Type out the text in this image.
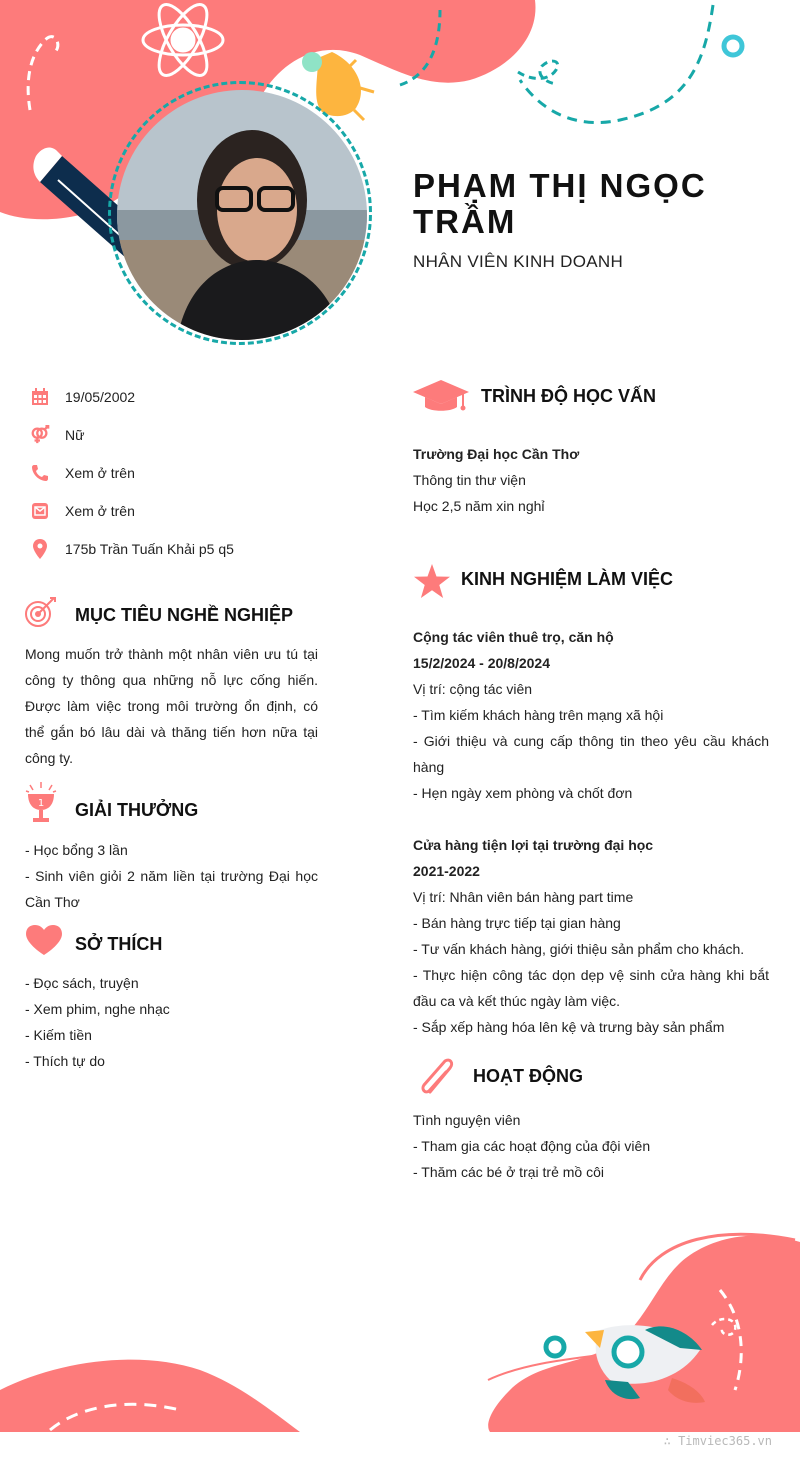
PHẠM THỊ NGỌC TRẦM
NHÂN VIÊN KINH DOANH
19/05/2002
Nữ
Xem ở trên
Xem ở trên
175b Trần Tuấn Khải p5 q5
MỤC TIÊU NGHỀ NGHIỆP
Mong muốn trở thành một nhân viên ưu tú tại công ty thông qua những nỗ lực cống hiến. Được làm việc trong môi trường ổn định, có thể gắn bó lâu dài và thăng tiến hơn nữa tại công ty.
1 GIẢI THƯỞNG
- Học bổng 3 lần
- Sinh viên giỏi 2 năm liền tại trường Đại học Cần Thơ
SỞ THÍCH
- Đọc sách, truyện
- Xem phim, nghe nhạc
- Kiếm tiền
- Thích tự do
TRÌNH ĐỘ HỌC VẤN
Trường Đại học Cần Thơ
Thông tin thư viện
Học 2,5 năm xin nghỉ
KINH NGHIỆM LÀM VIỆC
Cộng tác viên thuê trọ, căn hộ
15/2/2024 - 20/8/2024
Vị trí: cộng tác viên
- Tìm kiếm khách hàng trên mạng xã hội
- Giới thiệu và cung cấp thông tin theo yêu cầu khách hàng
- Hẹn ngày xem phòng và chốt đơn
Cửa hàng tiện lợi tại trường đại học
2021-2022
Vị trí: Nhân viên bán hàng part time
- Bán hàng trực tiếp tại gian hàng
- Tư vấn khách hàng, giới thiệu sản phẩm cho khách.
- Thực hiện công tác dọn dẹp vệ sinh cửa hàng khi bắt đầu ca và kết thúc ngày làm việc.
- Sắp xếp hàng hóa lên kệ và trưng bày sản phẩm
HOẠT ĐỘNG
Tình nguyện viên
- Tham gia các hoạt động của đội viên
- Thăm các bé ở trại trẻ mồ côi
∴ Timviec365.vn
